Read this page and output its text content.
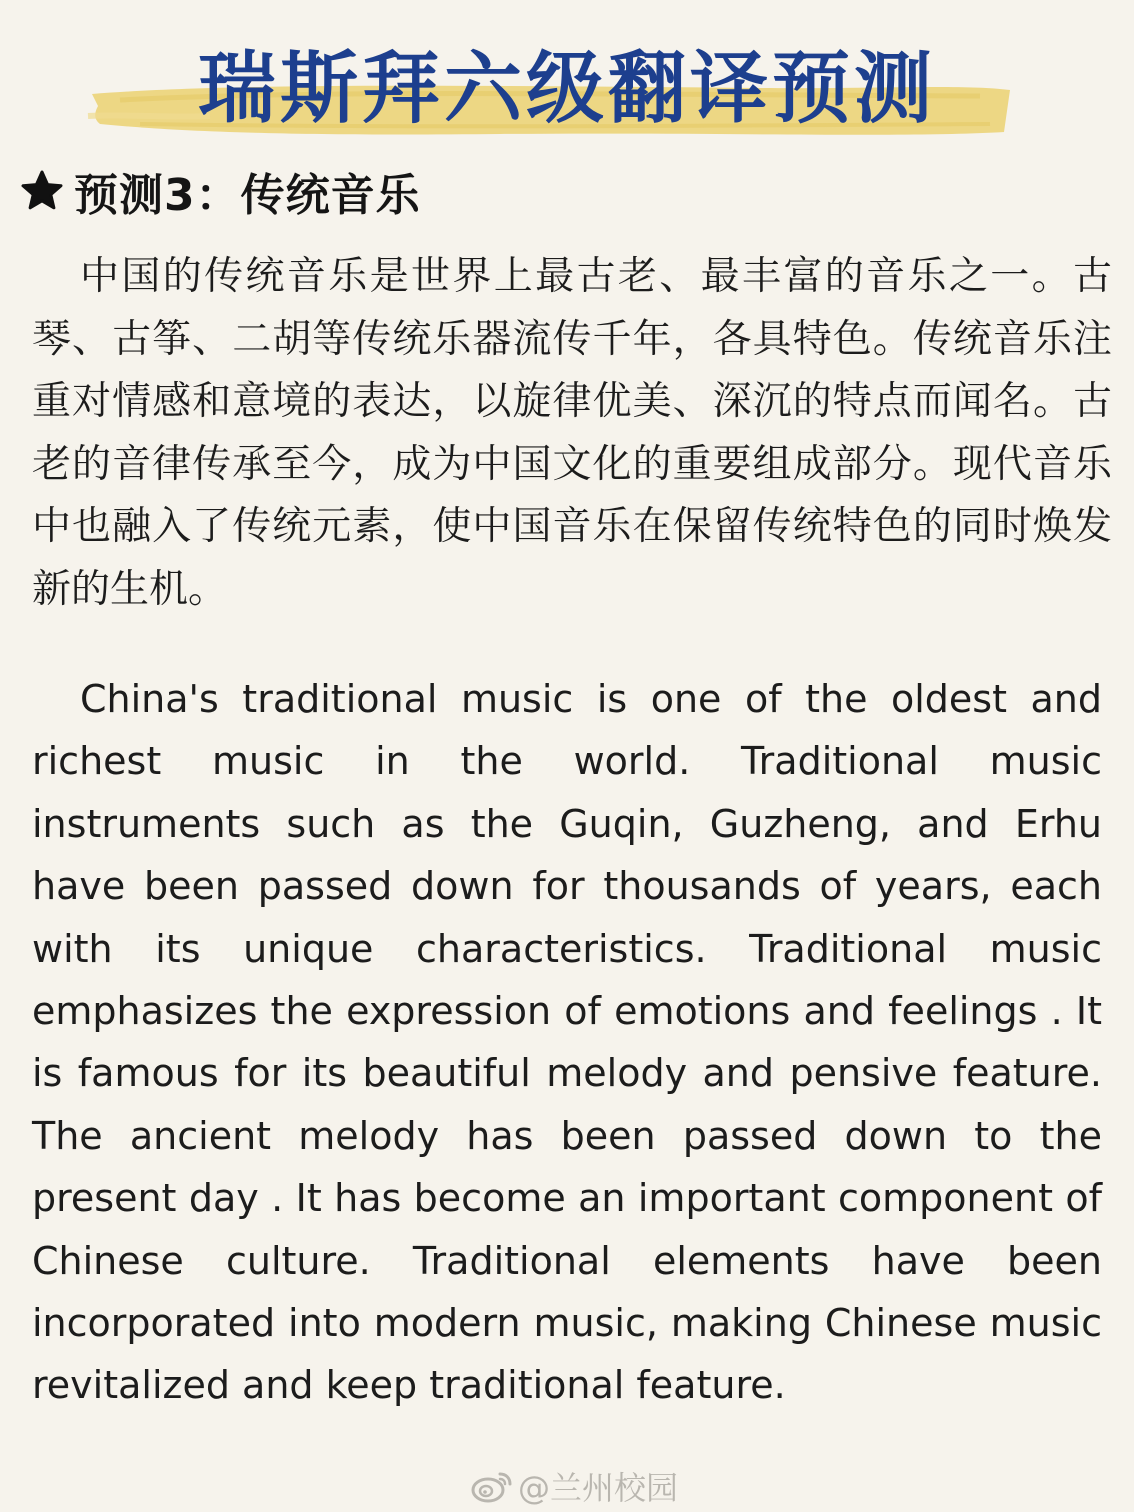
瑞斯拜六级翻译预测
预测3：传统音乐

中国的传统音乐是世界上最古老、最丰富的音乐之一。古琴、古筝、二胡等传统乐器流传千年，各具特色。传统音乐注重对情感和意境的表达，以旋律优美、深沉的特点而闻名。古老的音律传承至今，成为中国文化的重要组成部分。现代音乐中也融入了传统元素，使中国音乐在保留传统特色的同时焕发新的生机。

China's traditional music is one of the oldest and richest music in the world. Traditional music instruments such as the Guqin, Guzheng, and Erhu have been passed down for thousands of years, each with its unique characteristics. Traditional music emphasizes the expression of emotions and feelings . It is famous for its beautiful melody and pensive feature. The ancient melody has been passed down to the present day . It has become an important component of Chinese culture. Traditional elements have been incorporated into modern music, making Chinese music revitalized and keep traditional feature.

@兰州校园
